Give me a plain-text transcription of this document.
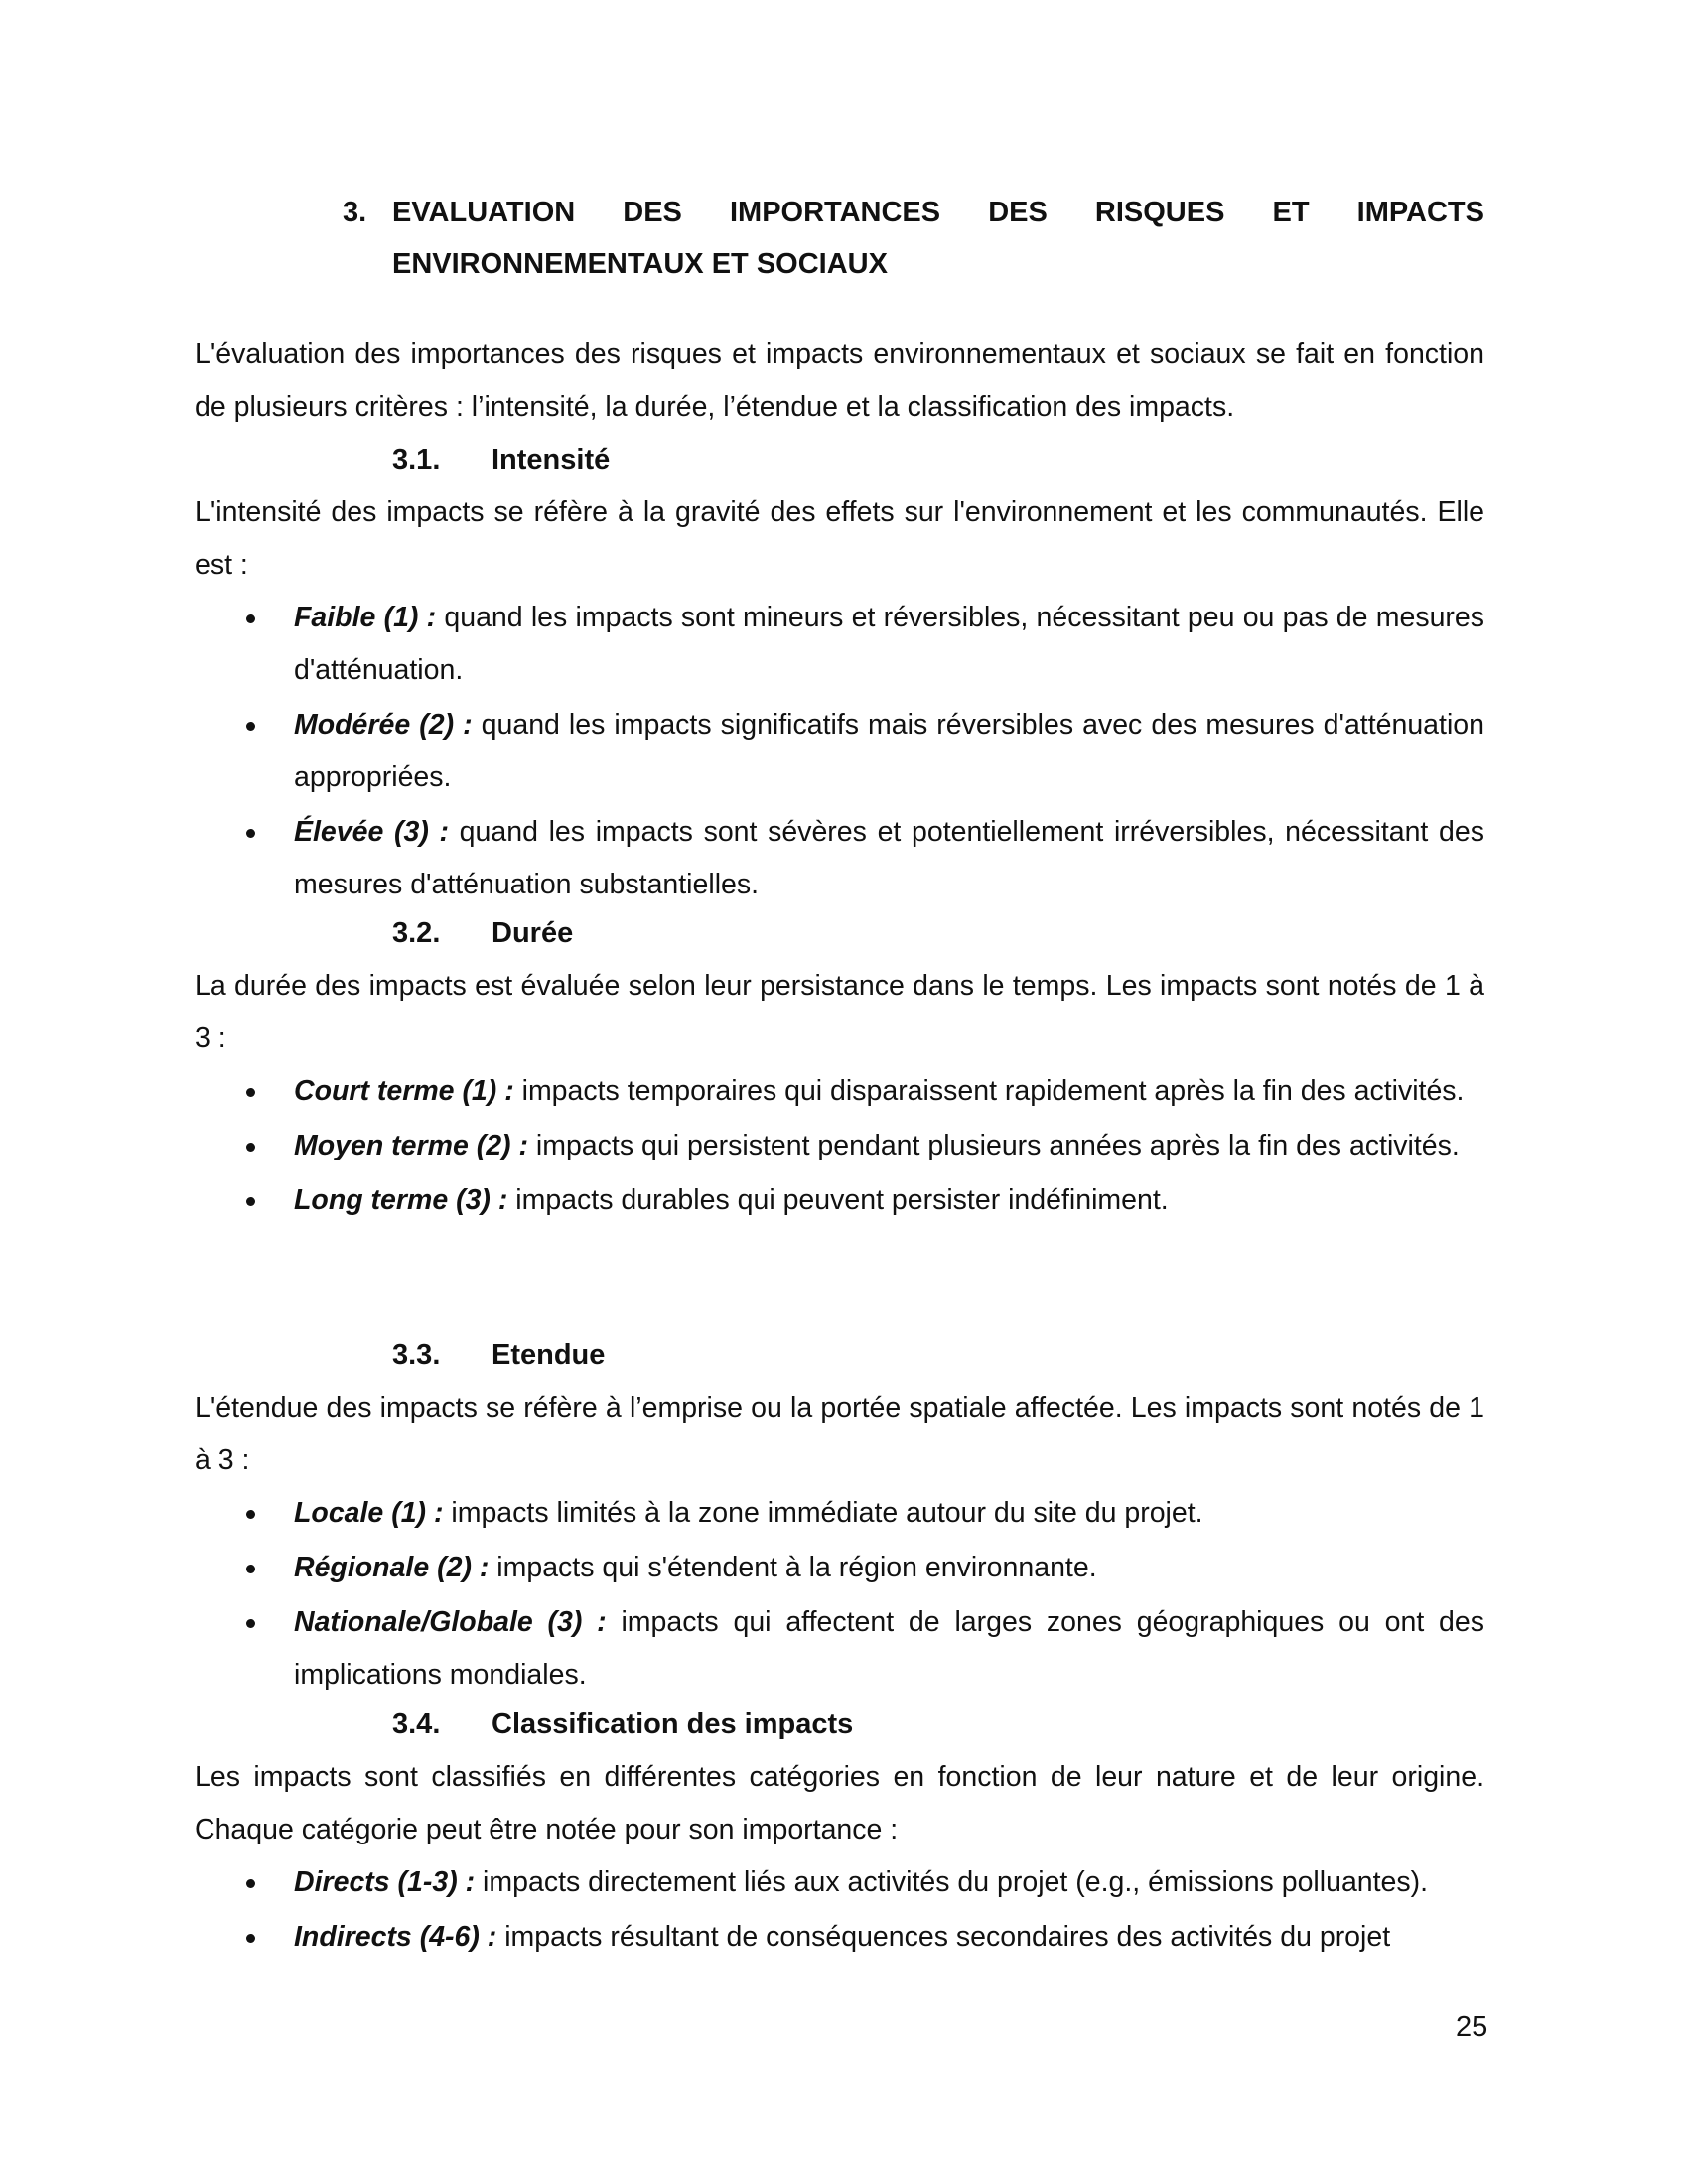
3. EVALUATION DES IMPORTANCES DES RISQUES ET IMPACTS
ENVIRONNEMENTAUX ET SOCIAUX

L'évaluation des importances des risques et impacts environnementaux et sociaux se fait en fonction de plusieurs critères : l’intensité, la durée, l’étendue et la classification des impacts.

3.1. Intensité

L'intensité des impacts se réfère à la gravité des effets sur l'environnement et les communautés. Elle est :

Faible (1) : quand les impacts sont mineurs et réversibles, nécessitant peu ou pas de mesures d'atténuation.
Modérée (2) : quand les impacts significatifs mais réversibles avec des mesures d'atténuation appropriées.
Élevée (3) : quand les impacts sont sévères et potentiellement irréversibles, nécessitant des mesures d'atténuation substantielles.
3.2. Durée

La durée des impacts est évaluée selon leur persistance dans le temps. Les impacts sont notés de 1 à 3 :

Court terme (1) : impacts temporaires qui disparaissent rapidement après la fin des activités.
Moyen terme (2) : impacts qui persistent pendant plusieurs années après la fin des activités.
Long terme (3) : impacts durables qui peuvent persister indéfiniment.
3.3. Etendue

L'étendue des impacts se réfère à l’emprise ou la portée spatiale affectée. Les impacts sont notés de 1 à 3 :

Locale (1) : impacts limités à la zone immédiate autour du site du projet.
Régionale (2) : impacts qui s'étendent à la région environnante.
Nationale/Globale (3) : impacts qui affectent de larges zones géographiques ou ont des implications mondiales.
3.4. Classification des impacts

Les impacts sont classifiés en différentes catégories en fonction de leur nature et de leur origine. Chaque catégorie peut être notée pour son importance :

Directs (1-3) : impacts directement liés aux activités du projet (e.g., émissions polluantes).
Indirects (4-6) : impacts résultant de conséquences secondaires des activités du projet
25
